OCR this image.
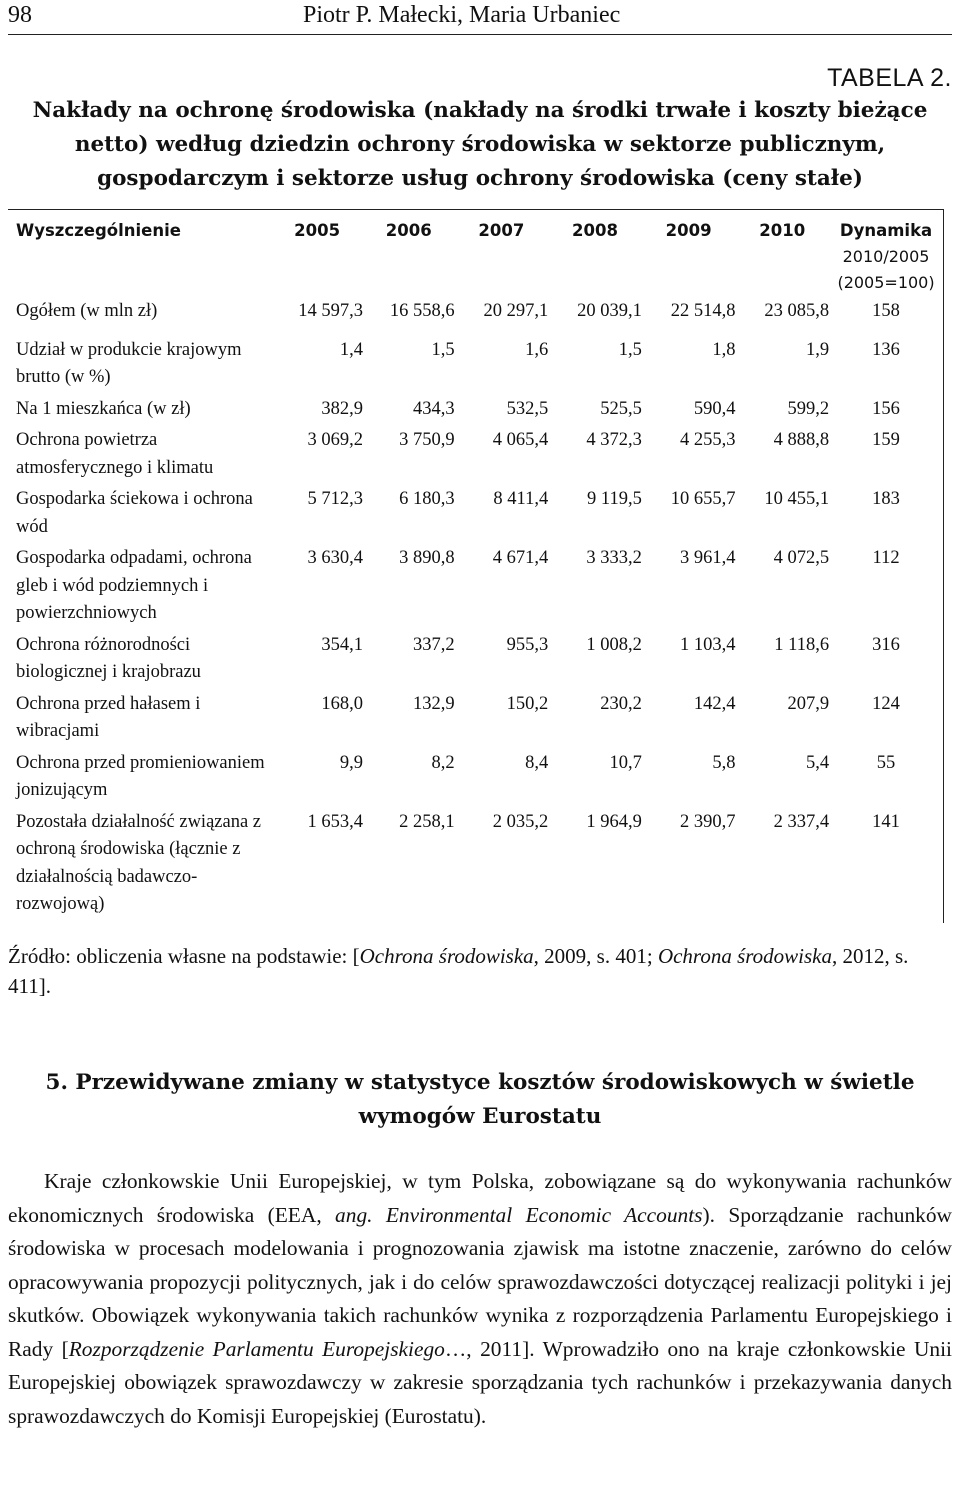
98	Piotr P. Małecki, Maria Urbaniec
TABELA 2.
Nakłady na ochronę środowiska (nakłady na środki trwałe i koszty bieżące netto) według dziedzin ochrony środowiska w sektorze publicznym, gospodarczym i sektorze usług ochrony środowiska (ceny stałe)
Wyszczególnienie	2005	2006	2007	2008	2009	2010	Dynamika
2010/2005
(2005=100)
Ogółem (w mln zł)	14 597,3	16 558,6	20 297,1	20 039,1	22 514,8	23 085,8	158
Udział w produkcie krajowym brutto (w %)	1,4	1,5	1,6	1,5	1,8	1,9	136
Na 1 mieszkańca (w zł)	382,9	434,3	532,5	525,5	590,4	599,2	156
Ochrona powietrza atmosferycznego i klimatu	3 069,2	3 750,9	4 065,4	4 372,3	4 255,3	4 888,8	159
Gospodarka ściekowa i ochrona wód	5 712,3	6 180,3	8 411,4	9 119,5	10 655,7	10 455,1	183
Gospodarka odpadami, ochrona gleb i wód podziemnych i powierzchniowych	3 630,4	3 890,8	4 671,4	3 333,2	3 961,4	4 072,5	112
Ochrona różnorodności biologicznej i krajobrazu	354,1	337,2	955,3	1 008,2	1 103,4	1 118,6	316
Ochrona przed hałasem i wibracjami	168,0	132,9	150,2	230,2	142,4	207,9	124
Ochrona przed promieniowaniem jonizującym	9,9	8,2	8,4	10,7	5,8	5,4	55
Pozostała działalność związana z ochroną środowiska (łącznie z działalnością badawczo-rozwojową)	1 653,4	2 258,1	2 035,2	1 964,9	2 390,7	2 337,4	141
Źródło: obliczenia własne na podstawie: [Ochrona środowiska, 2009, s. 401; Ochrona środowiska, 2012, s. 411].
5. Przewidywane zmiany w statystyce kosztów środowiskowych w świetle wymogów Eurostatu

Kraje członkowskie Unii Europejskiej, w tym Polska, zobowiązane są do wykonywania rachunków ekonomicznych środowiska (EEA, ang. Environmental Economic Accounts). Sporządzanie rachunków środowiska w procesach modelowania i prognozowania zjawisk ma istotne znaczenie, zarówno do celów opracowywania propozycji politycznych, jak i do celów sprawozdawczości dotyczącej realizacji polityki i jej skutków. Obowiązek wykonywania takich rachunków wynika z rozporządzenia Parlamentu Europejskiego i Rady [Rozporządzenie Parlamentu Europejskiego…, 2011]. Wprowadziło ono na kraje członkowskie Unii Europejskiej obowiązek sprawozdawczy w zakresie sporządzania tych rachunków i przekazywania danych sprawozdawczych do Komisji Europejskiej (Eurostatu).
